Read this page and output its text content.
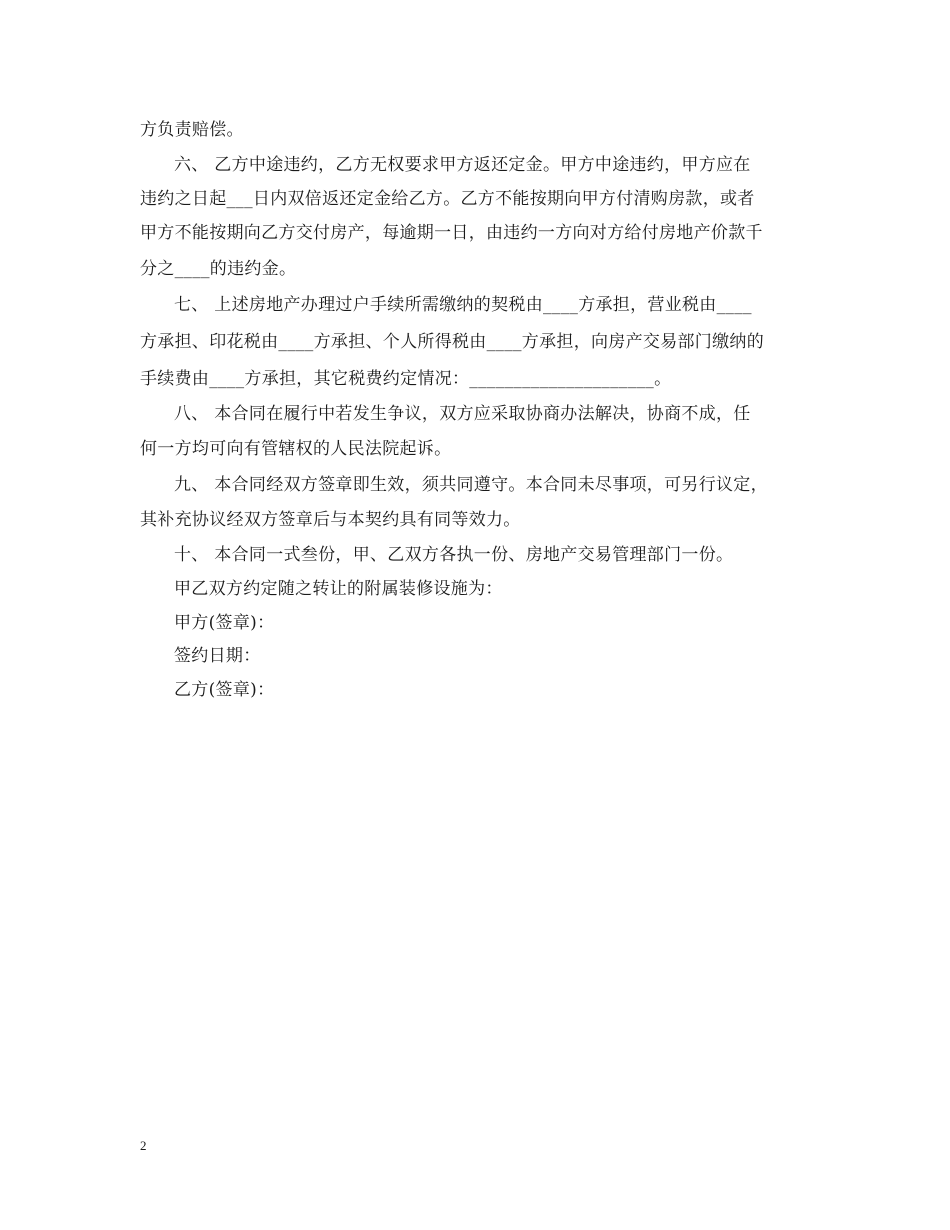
方负责赔偿。
六、 乙方中途违约，乙方无权要求甲方返还定金。甲方中途违约，甲方应在
违约之日起___日内双倍返还定金给乙方。乙方不能按期向甲方付清购房款，或者
甲方不能按期向乙方交付房产，每逾期一日，由违约一方向对方给付房地产价款千
分之____的违约金。
七、 上述房地产办理过户手续所需缴纳的契税由____方承担，营业税由____
方承担、印花税由____方承担、个人所得税由____方承担，向房产交易部门缴纳的
手续费由____方承担，其它税费约定情况：_____________________。
八、 本合同在履行中若发生争议，双方应采取协商办法解决，协商不成，任
何一方均可向有管辖权的人民法院起诉。
九、 本合同经双方签章即生效，须共同遵守。本合同未尽事项，可另行议定，
其补充协议经双方签章后与本契约具有同等效力。
十、 本合同一式叁份，甲、乙双方各执一份、房地产交易管理部门一份。
甲乙双方约定随之转让的附属装修设施为：
甲方(签章)：
签约日期：
乙方(签章)：
2
